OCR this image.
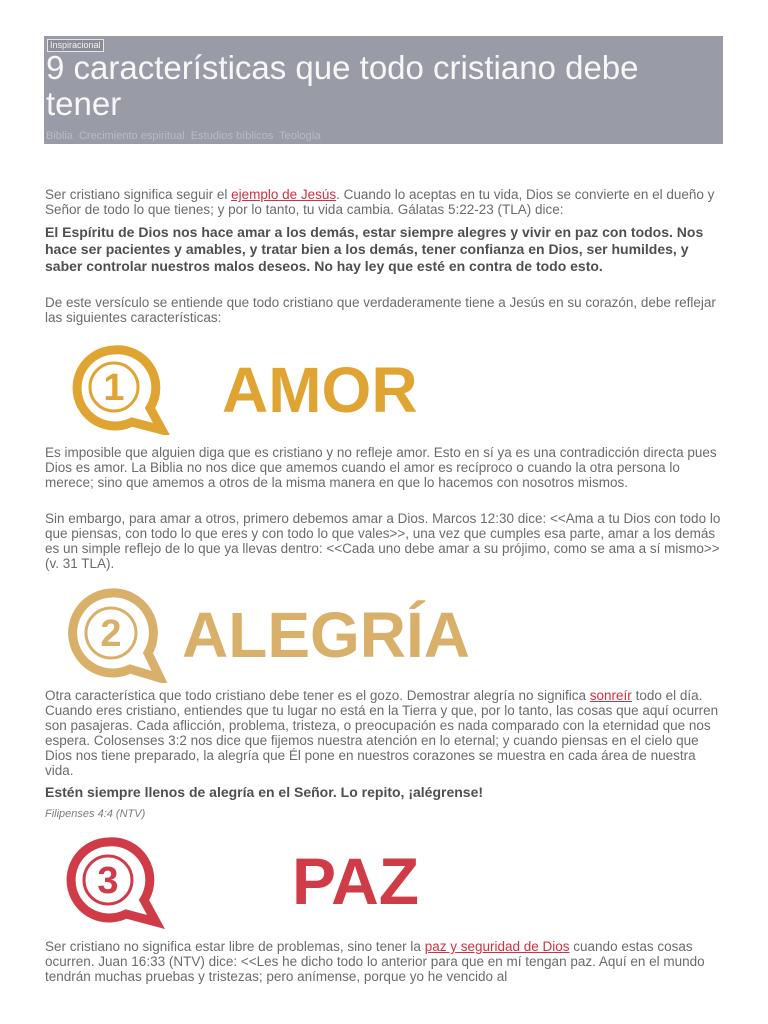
Inspiracional
9 características que todo cristiano debe tener
Biblia Crecimiento espiritual Estudios bíblicos Teología

Ser cristiano significa seguir el ejemplo de Jesús. Cuando lo aceptas en tu vida, Dios se convierte en el dueño y Señor de todo lo que tienes; y por lo tanto, tu vida cambia. Gálatas 5:22-23 (TLA) dice:

El Espíritu de Dios nos hace amar a los demás, estar siempre alegres y vivir en paz con todos. Nos hace ser pacientes y amables, y tratar bien a los demás, tener confianza en Dios, ser humildes, y saber controlar nuestros malos deseos. No hay ley que esté en contra de todo esto.

De este versículo se entiende que todo cristiano que verdaderamente tiene a Jesús en su corazón, debe reflejar las siguientes características:

1 AMOR

Es imposible que alguien diga que es cristiano y no refleje amor. Esto en sí ya es una contradicción directa pues Dios es amor. La Biblia no nos dice que amemos cuando el amor es recíproco o cuando la otra persona lo merece; sino que amemos a otros de la misma manera en que lo hacemos con nosotros mismos.

Sin embargo, para amar a otros, primero debemos amar a Dios. Marcos 12:30 dice: <<Ama a tu Dios con todo lo que piensas, con todo lo que eres y con todo lo que vales>>, una vez que cumples esa parte, amar a los demás es un simple reflejo de lo que ya llevas dentro: <<Cada uno debe amar a su prójimo, como se ama a sí mismo>> (v. 31 TLA).

2 ALEGRÍA

Otra característica que todo cristiano debe tener es el gozo. Demostrar alegría no significa sonreír todo el día. Cuando eres cristiano, entiendes que tu lugar no está en la Tierra y que, por lo tanto, las cosas que aquí ocurren son pasajeras. Cada aflicción, problema, tristeza, o preocupación es nada comparado con la eternidad que nos espera. Colosenses 3:2 nos dice que fijemos nuestra atención en lo eternal; y cuando piensas en el cielo que Dios nos tiene preparado, la alegría que Él pone en nuestros corazones se muestra en cada área de nuestra vida.

Estén siempre llenos de alegría en el Señor. Lo repito, ¡alégrense!

Filipenses 4:4 (NTV)
3	PAZ

Ser cristiano no significa estar libre de problemas, sino tener la paz y seguridad de Dios cuando estas cosas ocurren. Juan 16:33 (NTV) dice: <<Les he dicho todo lo anterior para que en mí tengan paz. Aquí en el mundo tendrán muchas pruebas y tristezas; pero anímense, porque yo he vencido al
